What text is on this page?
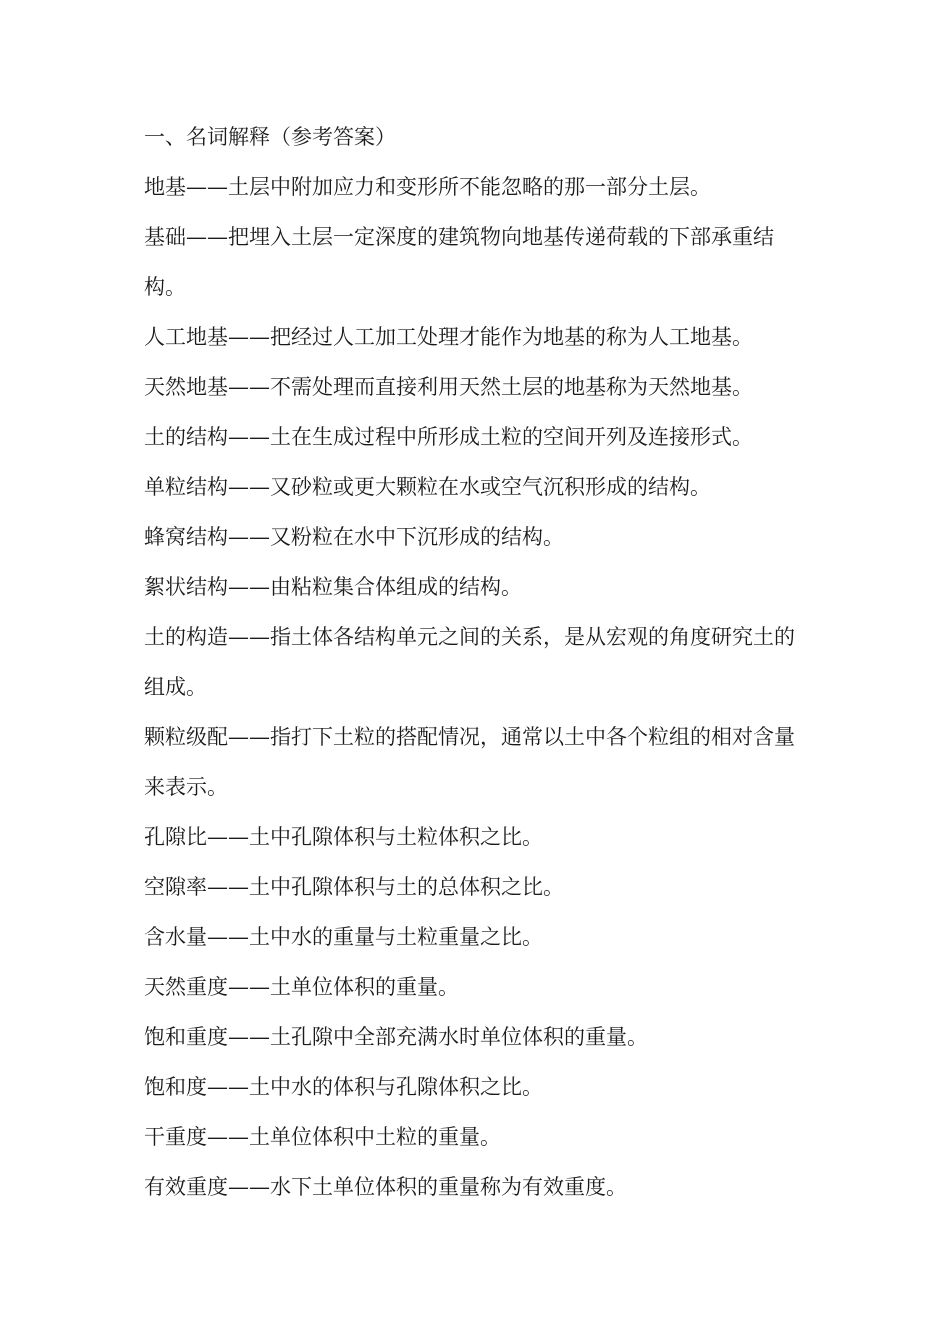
一、名词解释（参考答案）

地基——土层中附加应力和变形所不能忽略的那一部分土层。

基础——把埋入土层一定深度的建筑物向地基传递荷载的下部承重结构。

人工地基——把经过人工加工处理才能作为地基的称为人工地基。

天然地基——不需处理而直接利用天然土层的地基称为天然地基。

土的结构——土在生成过程中所形成土粒的空间开列及连接形式。

单粒结构——又砂粒或更大颗粒在水或空气沉积形成的结构。

蜂窝结构——又粉粒在水中下沉形成的结构。

絮状结构——由粘粒集合体组成的结构。

土的构造——指土体各结构单元之间的关系，是从宏观的角度研究土的组成。

颗粒级配——指打下土粒的搭配情况，通常以土中各个粒组的相对含量来表示。

孔隙比——土中孔隙体积与土粒体积之比。

空隙率——土中孔隙体积与土的总体积之比。

含水量——土中水的重量与土粒重量之比。

天然重度——土单位体积的重量。

饱和重度——土孔隙中全部充满水时单位体积的重量。

饱和度——土中水的体积与孔隙体积之比。

干重度——土单位体积中土粒的重量。

有效重度——水下土单位体积的重量称为有效重度。
